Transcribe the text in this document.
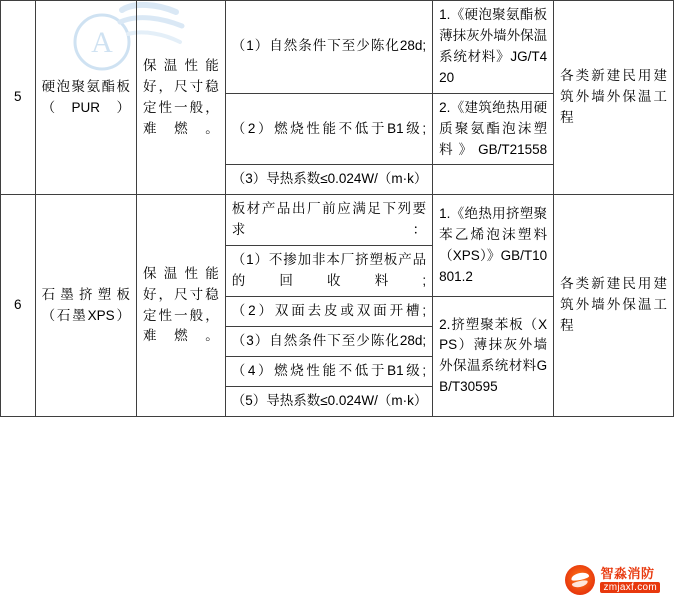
A
5	硬泡聚氨酯板（PUR）	保温性能好，尺寸稳定性一般，难燃。	（1）自然条件下至少陈化28d;	1.《硬泡聚氨酯板薄抹灰外墙外保温系统材料》JG/T420	各类新建民用建筑外墙外保温工程
			（2）燃烧性能不低于B1级;	2.《建筑绝热用硬质聚氨酯泡沫塑料》GB/T21558	
			（3）导热系数≤0.024W/（m·k）		
6	石墨挤塑板（石墨XPS）	保温性能好，尺寸稳定性一般，难燃。	板材产品出厂前应满足下列要求：	1.《绝热用挤塑聚苯乙烯泡沫塑料（XPS）》GB/T10801.2	各类新建民用建筑外墙外保温工程
			（1）不掺加非本厂挤塑板产品的回收料;		
			（2）双面去皮或双面开槽;	2.挤塑聚苯板（XPS）薄抹灰外墙外保温系统材料GB/T30595	
			（3）自然条件下至少陈化28d;		
			（4）燃烧性能不低于B1级;		
			（5）导热系数≤0.024W/（m·k）		
智淼消防
zmjaxf.com
